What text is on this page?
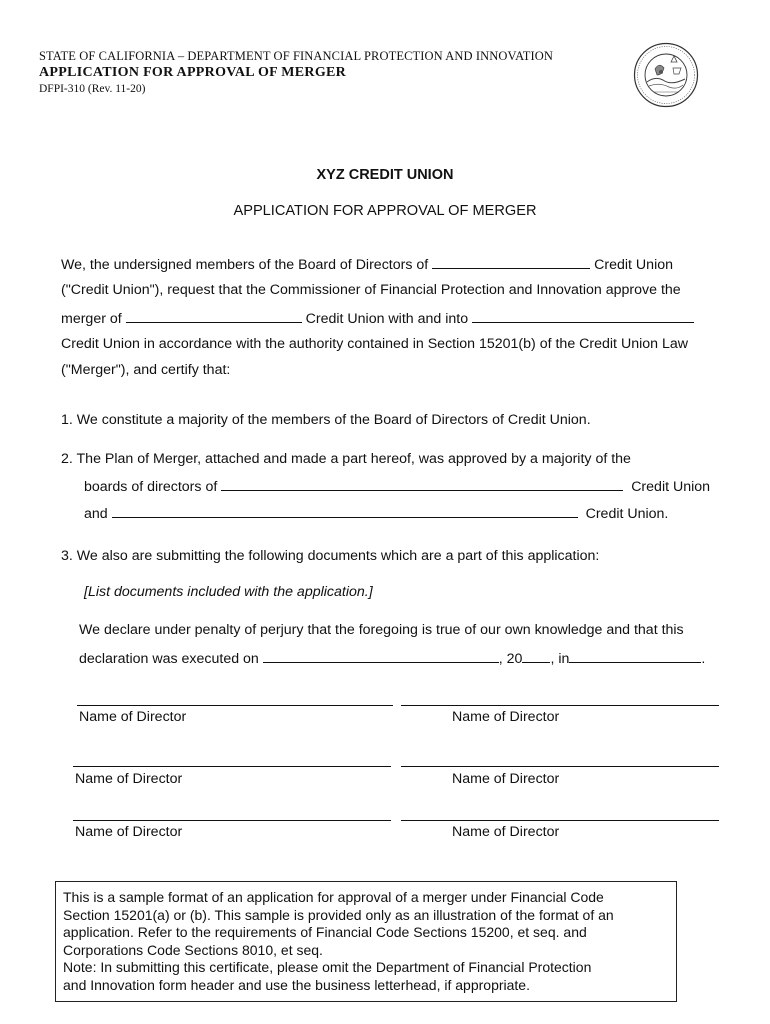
STATE OF CALIFORNIA – DEPARTMENT OF FINANCIAL PROTECTION AND INNOVATION
APPLICATION FOR APPROVAL OF MERGER
DFPI-310 (Rev. 11-20)
XYZ CREDIT UNION
APPLICATION FOR APPROVAL OF MERGER
We, the undersigned members of the Board of Directors of	Credit Union
("Credit Union"), request that the Commissioner of Financial Protection and Innovation approve the
merger of	Credit Union with and into
Credit Union in accordance with the authority contained in Section 15201(b) of the Credit Union Law
("Merger"), and certify that:
1. We constitute a majority of the members of the Board of Directors of Credit Union.
2. The Plan of Merger, attached and made a part hereof, was approved by a majority of the
boards of directors of	Credit Union
and	Credit Union.
3. We also are submitting the following documents which are a part of this application:
[List documents included with the application.]
We declare under penalty of perjury that the foregoing is true of our own knowledge and that this
declaration was executed on	, 20 , in	.
Name of Director	Name of Director
Name of Director	Name of Director
Name of Director	Name of Director
This is a sample format of an application for approval of a merger under Financial Code
Section 15201(a) or (b). This sample is provided only as an illustration of the format of an
application. Refer to the requirements of Financial Code Sections 15200, et seq. and
Corporations Code Sections 8010, et seq.
Note: In submitting this certificate, please omit the Department of Financial Protection
and Innovation form header and use the business letterhead, if appropriate.
